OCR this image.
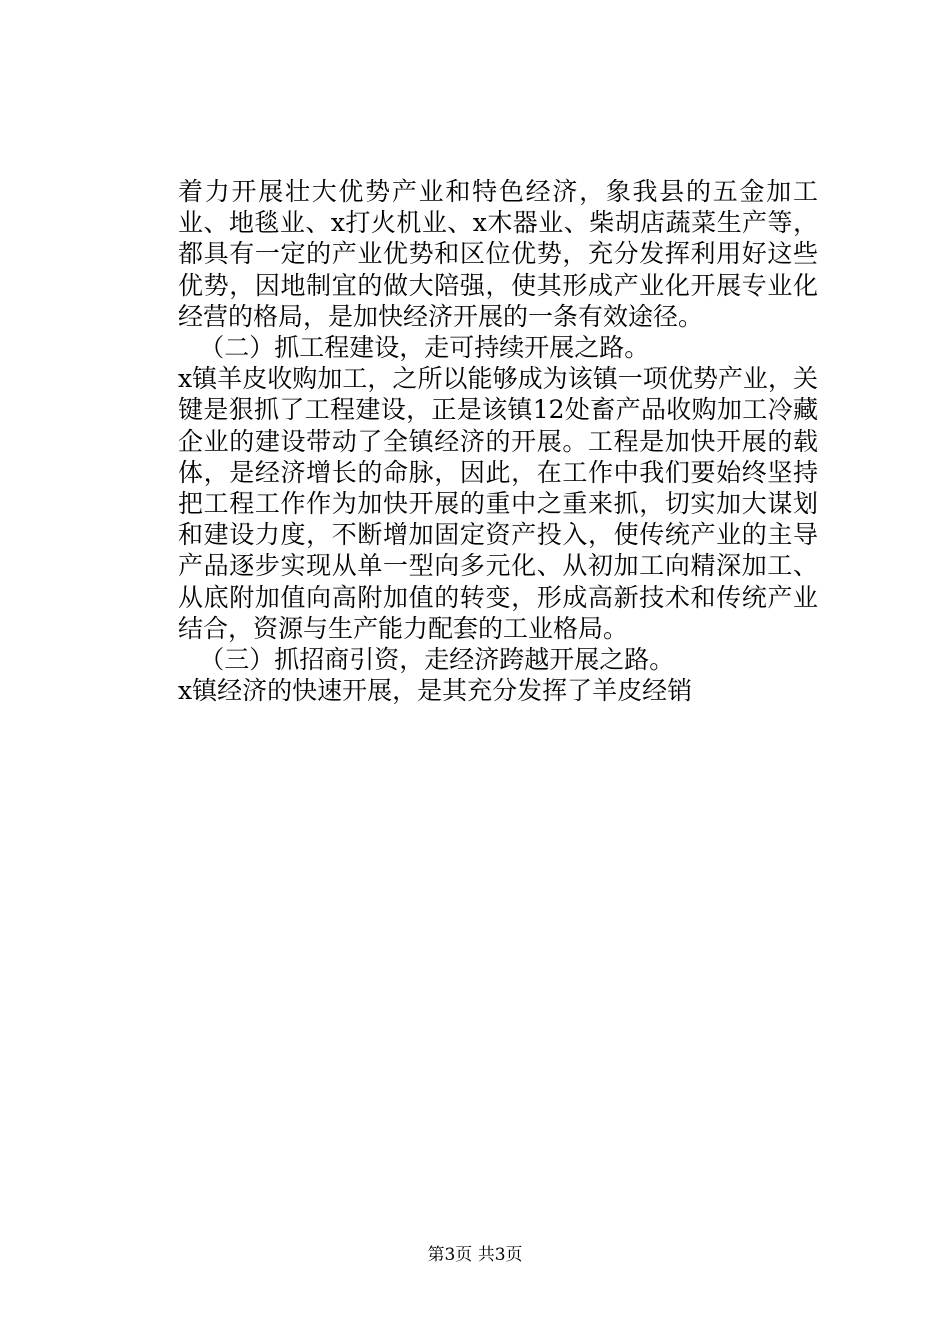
着力开展壮大优势产业和特色经济，象我县的五金加工业、地毯业、x打火机业、x木器业、柴胡店蔬菜生产等，都具有一定的产业优势和区位优势，充分发挥利用好这些优势，因地制宜的做大陪强，使其形成产业化开展专业化经营的格局，是加快经济开展的一条有效途径。

（二）抓工程建设，走可持续开展之路。

x镇羊皮收购加工，之所以能够成为该镇一项优势产业，关键是狠抓了工程建设，正是该镇12处畜产品收购加工冷藏企业的建设带动了全镇经济的开展。工程是加快开展的载体，是经济增长的命脉，因此，在工作中我们要始终坚持把工程工作作为加快开展的重中之重来抓，切实加大谋划和建设力度，不断增加固定资产投入，使传统产业的主导产品逐步实现从单一型向多元化、从初加工向精深加工、从底附加值向高附加值的转变，形成高新技术和传统产业结合，资源与生产能力配套的工业格局。

（三）抓招商引资，走经济跨越开展之路。

x镇经济的快速开展，是其充分发挥了羊皮经销

第3页 共3页
